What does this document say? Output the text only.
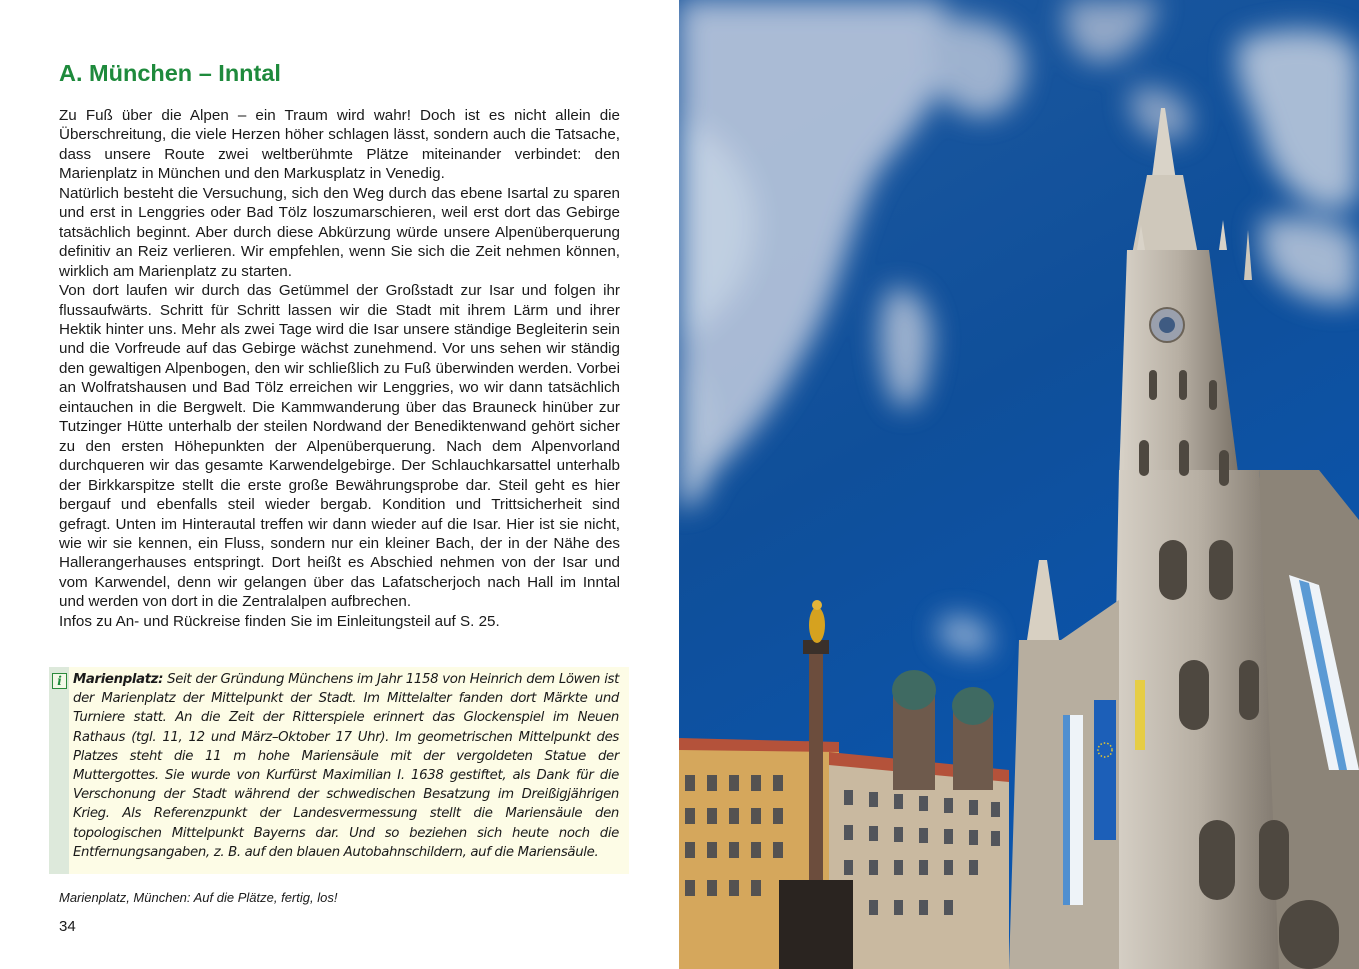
A. München – Inntal

Zu Fuß über die Alpen – ein Traum wird wahr! Doch ist es nicht allein die Überschreitung, die viele Herzen höher schlagen lässt, sondern auch die Tatsache, dass unsere Route zwei weltberühmte Plätze miteinander verbindet: den Marienplatz in München und den Markusplatz in Venedig.

Natürlich besteht die Versuchung, sich den Weg durch das ebene Isartal zu sparen und erst in Lenggries oder Bad Tölz loszumarschieren, weil erst dort das Gebirge tatsächlich beginnt. Aber durch diese Abkürzung würde unsere Alpenüberquerung definitiv an Reiz verlieren. Wir empfehlen, wenn Sie sich die Zeit nehmen können, wirklich am Marienplatz zu starten.

Von dort laufen wir durch das Getümmel der Großstadt zur Isar und folgen ihr flussaufwärts. Schritt für Schritt lassen wir die Stadt mit ihrem Lärm und ihrer Hektik hinter uns. Mehr als zwei Tage wird die Isar unsere ständige Begleiterin sein und die Vorfreude auf das Gebirge wächst zunehmend. Vor uns sehen wir ständig den gewaltigen Alpenbogen, den wir schließlich zu Fuß überwinden werden. Vorbei an Wolfratshausen und Bad Tölz erreichen wir Lenggries, wo wir dann tatsächlich eintauchen in die Bergwelt. Die Kammwanderung über das Brauneck hinüber zur Tutzinger Hütte unterhalb der steilen Nordwand der Benediktenwand gehört sicher zu den ersten Höhepunkten der Alpenüberquerung. Nach dem Alpenvorland durchqueren wir das gesamte Karwendelgebirge. Der Schlauchkarsattel unterhalb der Birkkarspitze stellt die erste große Bewährungsprobe dar. Steil geht es hier bergauf und ebenfalls steil wieder bergab. Kondition und Trittsicherheit sind gefragt. Unten im Hinterautal treffen wir dann wieder auf die Isar. Hier ist sie nicht, wie wir sie kennen, ein Fluss, sondern nur ein kleiner Bach, der in der Nähe des Hallerangerhauses entspringt. Dort heißt es Abschied nehmen von der Isar und vom Karwendel, denn wir gelangen über das Lafatscherjoch nach Hall im Inntal und werden von dort in die Zentralalpen aufbrechen.

Infos zu An- und Rückreise finden Sie im Einleitungsteil auf S. 25.

i Marienplatz: Seit der Gründung Münchens im Jahr 1158 von Heinrich dem Löwen ist der Marienplatz der Mittelpunkt der Stadt. Im Mittelalter fanden dort Märkte und Turniere statt. An die Zeit der Ritterspiele erinnert das Glockenspiel im Neuen Rathaus (tgl. 11, 12 und März–Oktober 17 Uhr). Im geometrischen Mittelpunkt des Platzes steht die 11 m hohe Mariensäule mit der vergoldeten Statue der Muttergottes. Sie wurde von Kurfürst Maximilian I. 1638 gestiftet, als Dank für die Verschonung der Stadt während der schwedischen Besatzung im Dreißigjährigen Krieg. Als Referenzpunkt der Landesvermessung stellt die Mariensäule den topologischen Mittelpunkt Bayerns dar. Und so beziehen sich heute noch die Entfernungsangaben, z. B. auf den blauen Autobahnschildern, auf die Mariensäule.
Marienplatz, München: Auf die Plätze, fertig, los!
34
